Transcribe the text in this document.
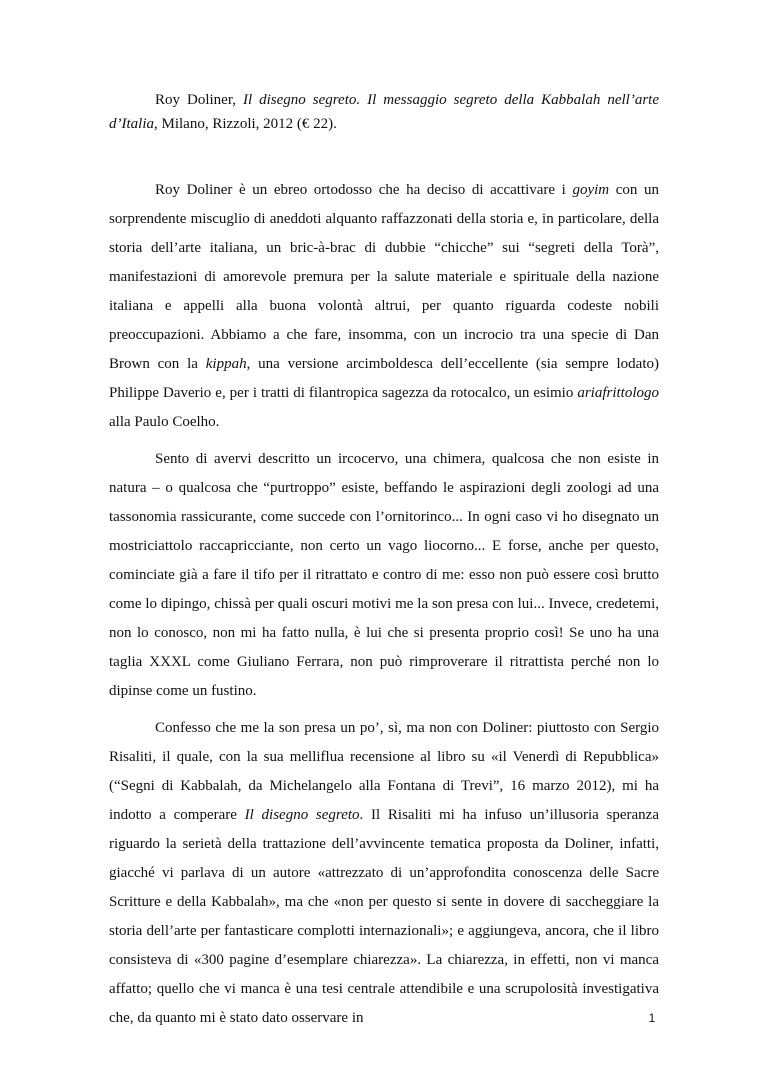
Roy Doliner, Il disegno segreto. Il messaggio segreto della Kabbalah nell’arte d’Italia, Milano, Rizzoli, 2012 (€ 22).

Roy Doliner è un ebreo ortodosso che ha deciso di accattivare i goyim con un sorprendente miscuglio di aneddoti alquanto raffazzonati della storia e, in particolare, della storia dell’arte italiana, un bric-à-brac di dubbie “chicche” sui “segreti della Torà”, manifestazioni di amorevole premura per la salute materiale e spirituale della nazione italiana e appelli alla buona volontà altrui, per quanto riguarda codeste nobili preoccupazioni. Abbiamo a che fare, insomma, con un incrocio tra una specie di Dan Brown con la kippah, una versione arcimboldesca dell’eccellente (sia sempre lodato) Philippe Daverio e, per i tratti di filantropica sagezza da rotocalco, un esimio ariafrittologo alla Paulo Coelho.

Sento di avervi descritto un ircocervo, una chimera, qualcosa che non esiste in natura – o qualcosa che “purtroppo” esiste, beffando le aspirazioni degli zoologi ad una tassonomia rassicurante, come succede con l’ornitorinco... In ogni caso vi ho disegnato un mostriciattolo raccapricciante, non certo un vago liocorno... E forse, anche per questo, cominciate già a fare il tifo per il ritrattato e contro di me: esso non può essere così brutto come lo dipingo, chissà per quali oscuri motivi me la son presa con lui... Invece, credetemi, non lo conosco, non mi ha fatto nulla, è lui che si presenta proprio così! Se uno ha una taglia XXXL come Giuliano Ferrara, non può rimproverare il ritrattista perché non lo dipinse come un fustino.

Confesso che me la son presa un po’, sì, ma non con Doliner: piuttosto con Sergio Risaliti, il quale, con la sua melliflua recensione al libro su «il Venerdì di Repubblica» (“Segni di Kabbalah, da Michelangelo alla Fontana di Trevi”, 16 marzo 2012), mi ha indotto a comperare Il disegno segreto. Il Risaliti mi ha infuso un’illusoria speranza riguardo la serietà della trattazione dell’avvincente tematica proposta da Doliner, infatti, giacché vi parlava di un autore «attrezzato di un’approfondita conoscenza delle Sacre Scritture e della Kabbalah», ma che «non per questo si sente in dovere di saccheggiare la storia dell’arte per fantasticare complotti internazionali»; e aggiungeva, ancora, che il libro consisteva di «300 pagine d’esemplare chiarezza». La chiarezza, in effetti, non vi manca affatto; quello che vi manca è una tesi centrale attendibile e una scrupolosità investigativa che, da quanto mi è stato dato osservare in	1
